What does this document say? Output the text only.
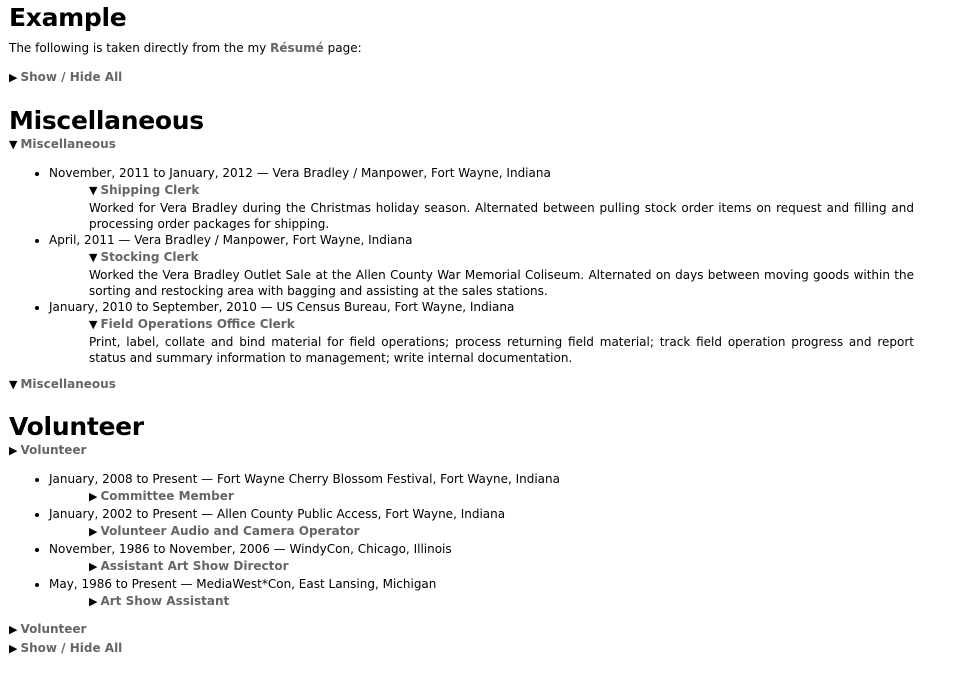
Example

The following is taken directly from the my Résumé page:

▶ Show / Hide All
Miscellaneous
▼ Miscellaneous
• November, 2011 to January, 2012 — Vera Bradley / Manpower, Fort Wayne, Indiana
▼ Shipping Clerk

Worked for Vera Bradley during the Christmas holiday season. Alternated between pulling stock order items on request and filling and processing order packages for shipping.

• April, 2011 — Vera Bradley / Manpower, Fort Wayne, Indiana
▼ Stocking Clerk

Worked the Vera Bradley Outlet Sale at the Allen County War Memorial Coliseum. Alternated on days between moving goods within the sorting and restocking area with bagging and assisting at the sales stations.

• January, 2010 to September, 2010 — US Census Bureau, Fort Wayne, Indiana
▼ Field Operations Office Clerk

Print, label, collate and bind material for field operations; process returning field material; track field operation progress and report status and summary information to management; write internal documentation.

▼ Miscellaneous
Volunteer
▶ Volunteer
• January, 2008 to Present — Fort Wayne Cherry Blossom Festival, Fort Wayne, Indiana
▶ Committee Member
• January, 2002 to Present — Allen County Public Access, Fort Wayne, Indiana
▶ Volunteer Audio and Camera Operator
• November, 1986 to November, 2006 — WindyCon, Chicago, Illinois
▶ Assistant Art Show Director
• May, 1986 to Present — MediaWest*Con, East Lansing, Michigan
▶ Art Show Assistant
▶ Volunteer
▶ Show / Hide All
